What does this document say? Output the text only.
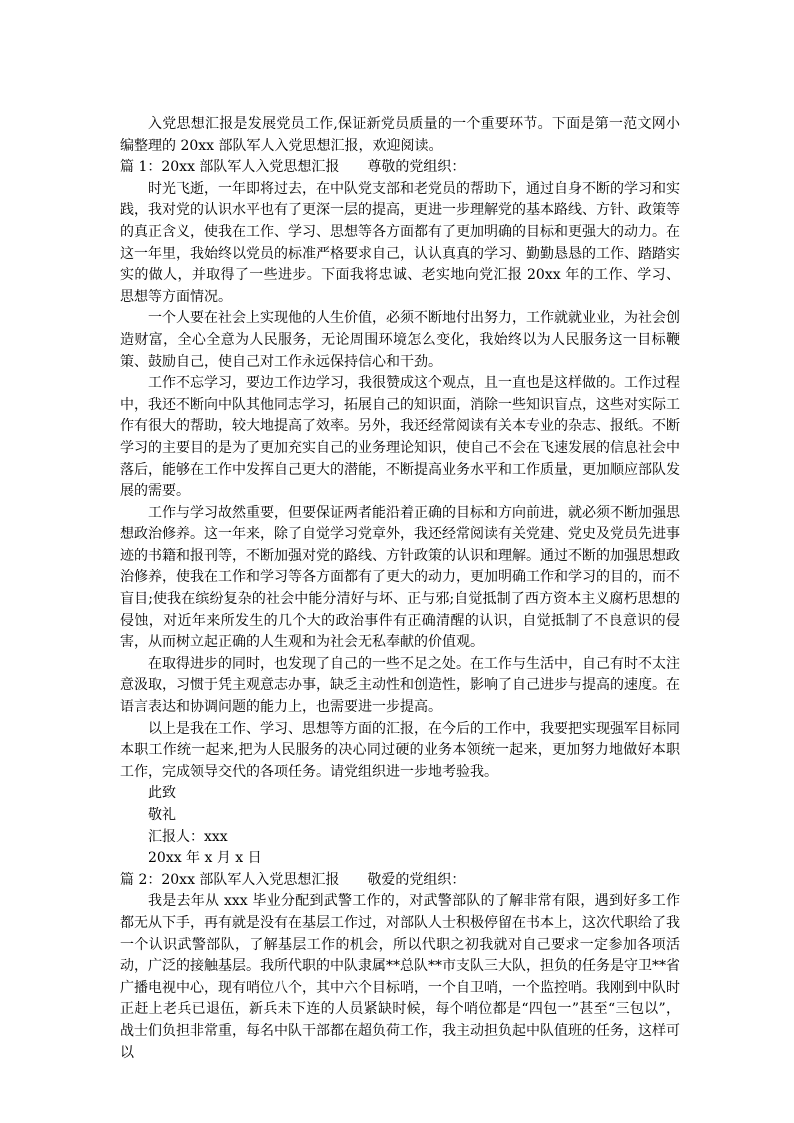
入党思想汇报是发展党员工作,保证新党员质量的一个重要环节。下面是第一范文网小编整理的 20xx 部队军人入党思想汇报，欢迎阅读。

篇 1：20xx 部队军人入党思想汇报　　尊敬的党组织：

时光飞逝，一年即将过去，在中队党支部和老党员的帮助下，通过自身不断的学习和实践，我对党的认识水平也有了更深一层的提高，更进一步理解党的基本路线、方针、政策等的真正含义，使我在工作、学习、思想等各方面都有了更加明确的目标和更强大的动力。在这一年里，我始终以党员的标准严格要求自己，认认真真的学习、勤勤恳恳的工作、踏踏实实的做人，并取得了一些进步。下面我将忠诚、老实地向党汇报 20xx 年的工作、学习、思想等方面情况。

一个人要在社会上实现他的人生价值，必须不断地付出努力，工作就就业业，为社会创造财富，全心全意为人民服务，无论周围环境怎么变化，我始终以为人民服务这一目标鞭策、鼓励自己，使自己对工作永远保持信心和干劲。

工作不忘学习，要边工作边学习，我很赞成这个观点，且一直也是这样做的。工作过程中，我还不断向中队其他同志学习，拓展自己的知识面，消除一些知识盲点，这些对实际工作有很大的帮助，较大地提高了效率。另外，我还经常阅读有关本专业的杂志、报纸。不断学习的主要目的是为了更加充实自己的业务理论知识，使自己不会在飞速发展的信息社会中落后，能够在工作中发挥自己更大的潜能，不断提高业务水平和工作质量，更加顺应部队发展的需要。

工作与学习故然重要，但要保证两者能沿着正确的目标和方向前进，就必须不断加强思想政治修养。这一年来，除了自觉学习党章外，我还经常阅读有关党建、党史及党员先进事迹的书籍和报刊等，不断加强对党的路线、方针政策的认识和理解。通过不断的加强思想政治修养，使我在工作和学习等各方面都有了更大的动力，更加明确工作和学习的目的，而不盲目;使我在缤纷复杂的社会中能分清好与坏、正与邪;自觉抵制了西方资本主义腐朽思想的侵蚀，对近年来所发生的几个大的政治事件有正确清醒的认识，自觉抵制了不良意识的侵害，从而树立起正确的人生观和为社会无私奉献的价值观。

在取得进步的同时，也发现了自己的一些不足之处。在工作与生活中，自己有时不太注意汲取，习惯于凭主观意志办事，缺乏主动性和创造性，影响了自己进步与提高的速度。在语言表达和协调问题的能力上，也需要进一步提高。

以上是我在工作、学习、思想等方面的汇报，在今后的工作中，我要把实现强军目标同本职工作统一起来,把为人民服务的决心同过硬的业务本领统一起来，更加努力地做好本职工作，完成领导交代的各项任务。请党组织进一步地考验我。

此致

敬礼

汇报人：xxx

20xx 年 x 月 x 日

篇 2：20xx 部队军人入党思想汇报　　敬爱的党组织：

我是去年从 xxx 毕业分配到武警工作的，对武警部队的了解非常有限，遇到好多工作都无从下手，再有就是没有在基层工作过，对部队人士积极停留在书本上，这次代职给了我一个认识武警部队，了解基层工作的机会，所以代职之初我就对自己要求一定参加各项活动，广泛的接触基层。我所代职的中队隶属**总队**市支队三大队，担负的任务是守卫**省广播电视中心，现有哨位八个，其中六个目标哨，一个自卫哨，一个监控哨。我刚到中队时正赶上老兵已退伍，新兵未下连的人员紧缺时候，每个哨位都是“四包一”甚至“三包以”，战士们负担非常重，每名中队干部都在超负荷工作，我主动担负起中队值班的任务，这样可以
